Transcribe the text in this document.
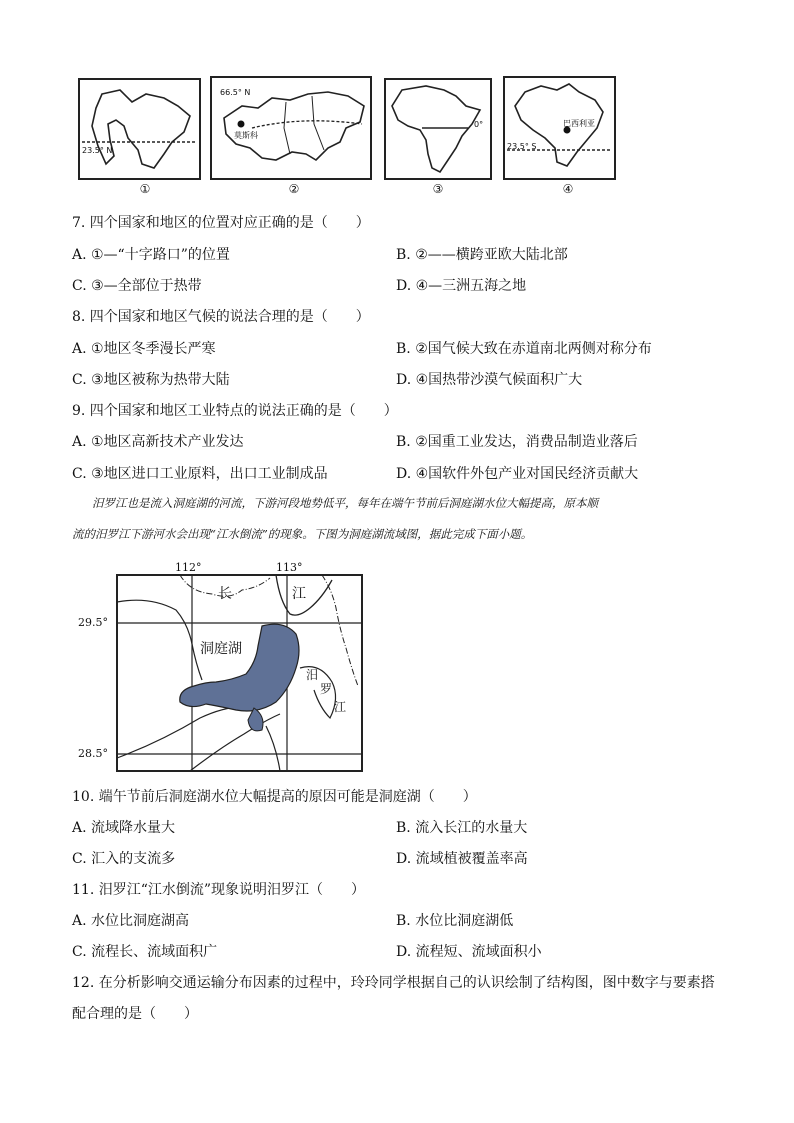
23.5° N
①
66.5° N
莫斯科
②
0°
③
23.5° S
巴西利亚
④
7. 四个国家和地区的位置对应正确的是（　　）
A. ①—“十字路口”的位置	B. ②——横跨亚欧大陆北部
C. ③—全部位于热带	D. ④—三洲五海之地
8. 四个国家和地区气候的说法合理的是（　　）
A. ①地区冬季漫长严寒	B. ②国气候大致在赤道南北两侧对称分布
C. ③地区被称为热带大陆	D. ④国热带沙漠气候面积广大
9. 四个国家和地区工业特点的说法正确的是（　　）
A. ①地区高新技术产业发达	B. ②国重工业发达，消费品制造业落后
C. ③地区进口工业原料，出口工业制成品	D. ④国软件外包产业对国民经济贡献大

汨罗江也是流入洞庭湖的河流，下游河段地势低平，每年在端午节前后洞庭湖水位大幅提高，原本顺

流的汨罗江下游河水会出现“江水倒流”的现象。下图为洞庭湖流域图，据此完成下面小题。

112°	113°
29.5°
28.5°
长	江
洞庭湖
汨
罗
江
10. 端午节前后洞庭湖水位大幅提高的原因可能是洞庭湖（　　）
A. 流域降水量大	B. 流入长江的水量大
C. 汇入的支流多	D. 流域植被覆盖率高
11. 汨罗江“江水倒流”现象说明汨罗江（　　）
A. 水位比洞庭湖高	B. 水位比洞庭湖低
C. 流程长、流域面积广	D. 流程短、流域面积小
12. 在分析影响交通运输分布因素的过程中，玲玲同学根据自己的认识绘制了结构图，图中数字与要素搭
配合理的是（　　）
